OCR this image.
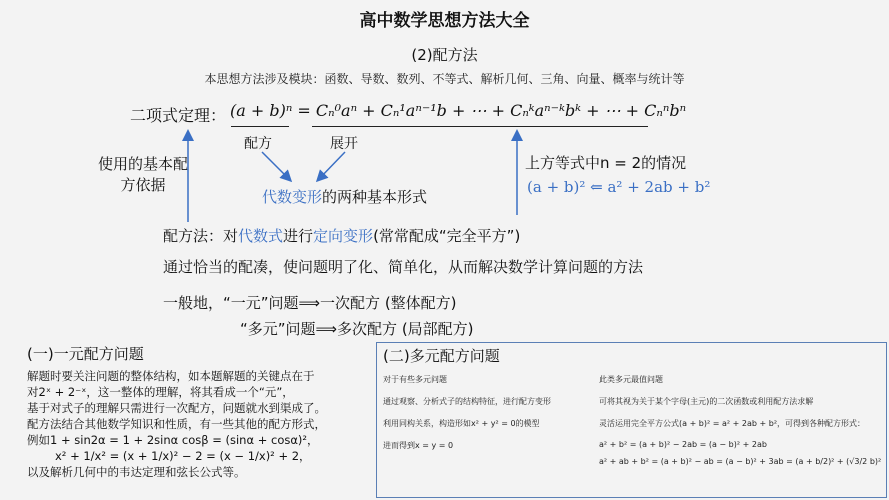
高中数学思想方法大全
(2)配方法
本思想方法涉及模块：函数、导数、数列、不等式、解析几何、三角、向量、概率与统计等
二项式定理： (a + b)ⁿ = Cₙ⁰aⁿ + Cₙ¹aⁿ⁻¹b + ⋯ + Cₙᵏaⁿ⁻ᵏbᵏ + ⋯ + Cₙⁿbⁿ
配方	展开
代数变形的两种基本形式
使用的基本配方依据
上方等式中n = 2的情况
(a + b)² ⇐ a² + 2ab + b²
配方法：对代数式进行定向变形(常常配成“完全平方”)
通过恰当的配凑，使问题明了化、简单化，从而解决数学计算问题的方法
一般地，“一元”问题⟹一次配方 (整体配方)
“多元”问题⟹多次配方 (局部配方)
(一)一元配方问题

解题时要关注问题的整体结构，如本题解题的关键点在于

对2ˣ + 2⁻ˣ，这一整体的理解，将其看成一个“元”，

基于对式子的理解只需进行一次配方，问题就水到渠成了。

配方法结合其他数学知识和性质，有一些其他的配方形式，

例如1 + sin2α = 1 + 2sinα cosβ = (sinα + cosα)²，

x² + 1/x² = (x + 1/x)² − 2 = (x − 1/x)² + 2，

以及解析几何中的韦达定理和弦长公式等。

(二)多元配方问题
对于有些多元问题
通过观察、分析式子的结构特征，进行配方变形
利用同构关系，构造形如x² + y² = 0的模型
进而得到x = y = 0
此类多元最值问题
可将其视为关于某个字母(主元)的二次函数或利用配方法求解
灵活运用完全平方公式(a + b)² = a² + 2ab + b²，可得到各种配方形式：
a² + b² = (a + b)² − 2ab = (a − b)² + 2ab
a² + ab + b² = (a + b)² − ab = (a − b)² + 3ab = (a + b/2)² + (√3/2 b)²
